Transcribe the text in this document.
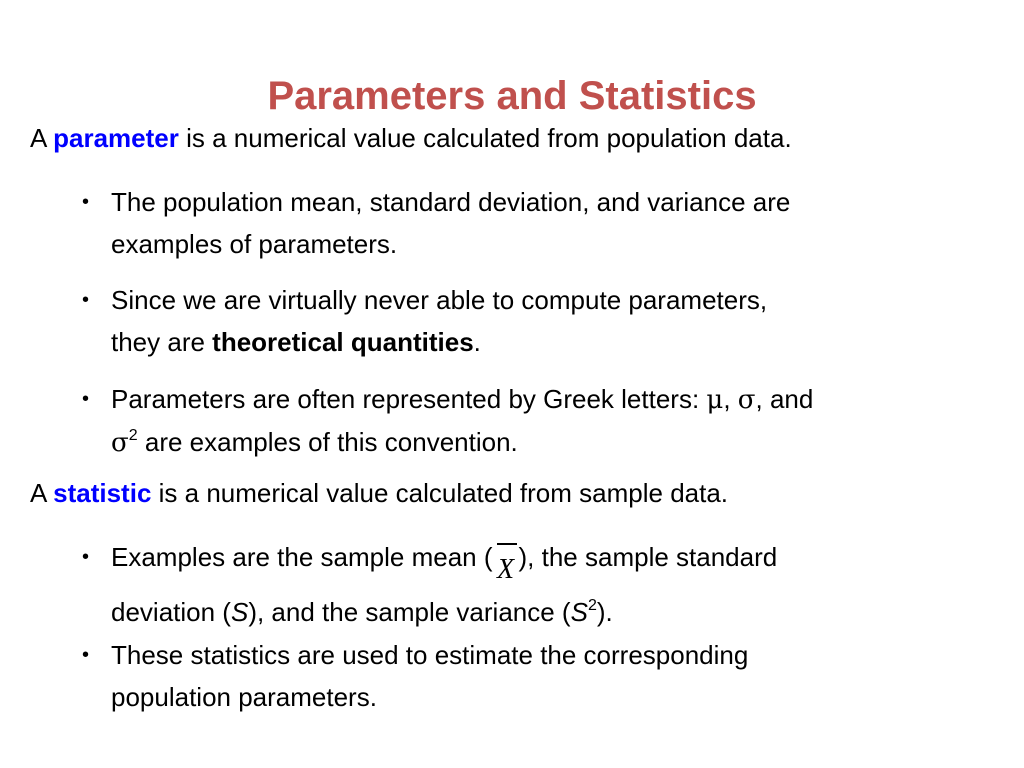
Parameters and Statistics
A parameter is a numerical value calculated from population data.
• The population mean, standard deviation, and variance are
examples of parameters.
• Since we are virtually never able to compute parameters,
they are theoretical quantities.
• Parameters are often represented by Greek letters: μ, σ, and
$\sigma^2$ are examples of this convention.
A statistic is a numerical value calculated from sample data.
• Examples are the sample mean ( X ), the sample standard
deviation (S), and the sample variance $(S^2)$.
• These statistics are used to estimate the corresponding
population parameters.
